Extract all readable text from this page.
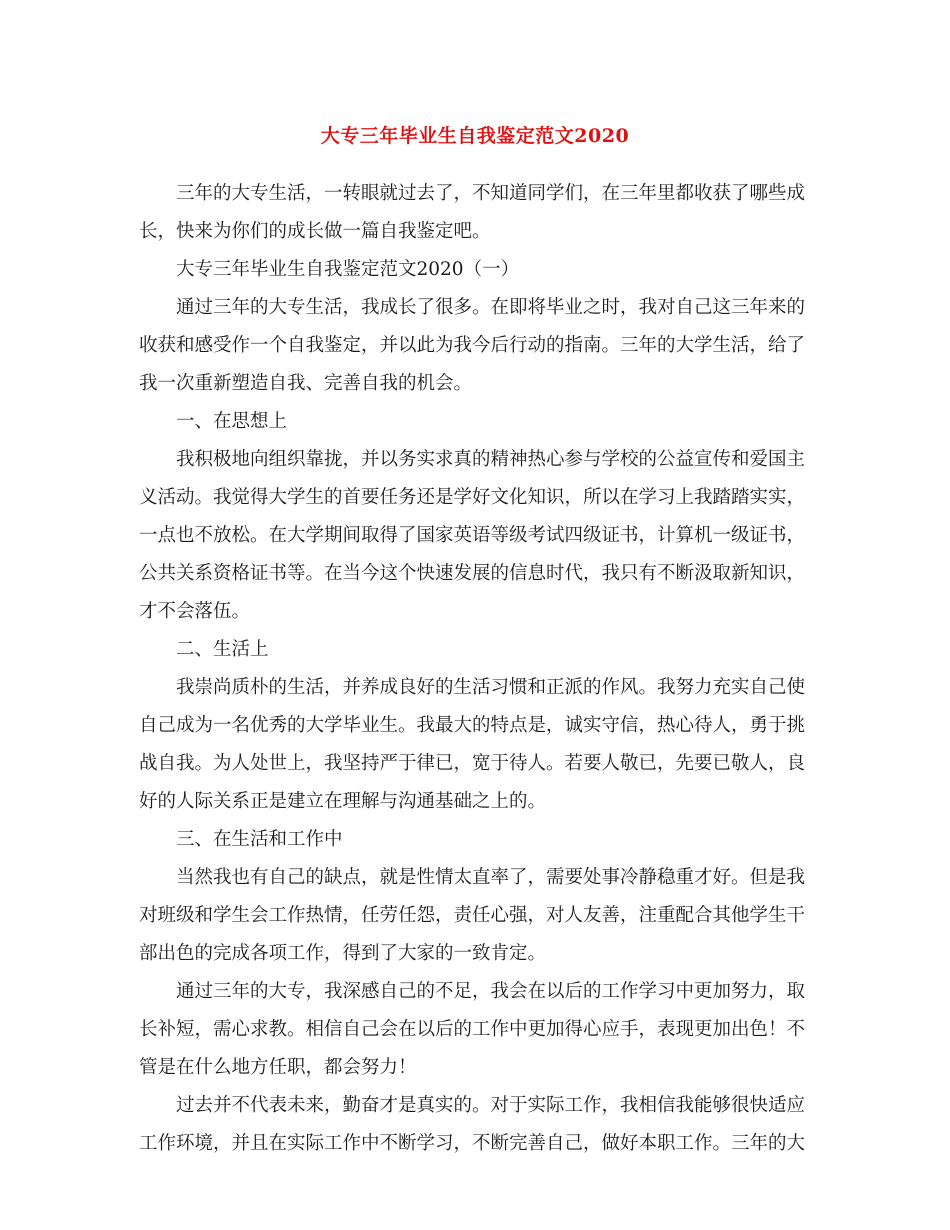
大专三年毕业生自我鉴定范文2020
三年的大专生活，一转眼就过去了，不知道同学们，在三年里都收获了哪些成
长，快来为你们的成长做一篇自我鉴定吧。
大专三年毕业生自我鉴定范文2020（一）
通过三年的大专生活，我成长了很多。在即将毕业之时，我对自己这三年来的
收获和感受作一个自我鉴定，并以此为我今后行动的指南。三年的大学生活，给了
我一次重新塑造自我、完善自我的机会。
一、在思想上
我积极地向组织靠拢，并以务实求真的精神热心参与学校的公益宣传和爱国主
义活动。我觉得大学生的首要任务还是学好文化知识，所以在学习上我踏踏实实，
一点也不放松。在大学期间取得了国家英语等级考试四级证书，计算机一级证书，
公共关系资格证书等。在当今这个快速发展的信息时代，我只有不断汲取新知识，
才不会落伍。
二、生活上
我崇尚质朴的生活，并养成良好的生活习惯和正派的作风。我努力充实自己使
自己成为一名优秀的大学毕业生。我最大的特点是，诚实守信，热心待人，勇于挑
战自我。为人处世上，我坚持严于律已，宽于待人。若要人敬已，先要已敬人，良
好的人际关系正是建立在理解与沟通基础之上的。
三、在生活和工作中
当然我也有自己的缺点，就是性情太直率了，需要处事冷静稳重才好。但是我
对班级和学生会工作热情，任劳任怨，责任心强，对人友善，注重配合其他学生干
部出色的完成各项工作，得到了大家的一致肯定。
通过三年的大专，我深感自己的不足，我会在以后的工作学习中更加努力，取
长补短，需心求教。相信自己会在以后的工作中更加得心应手，表现更加出色！不
管是在什么地方任职，都会努力！
过去并不代表未来，勤奋才是真实的。对于实际工作，我相信我能够很快适应
工作环境，并且在实际工作中不断学习，不断完善自己，做好本职工作。三年的大
